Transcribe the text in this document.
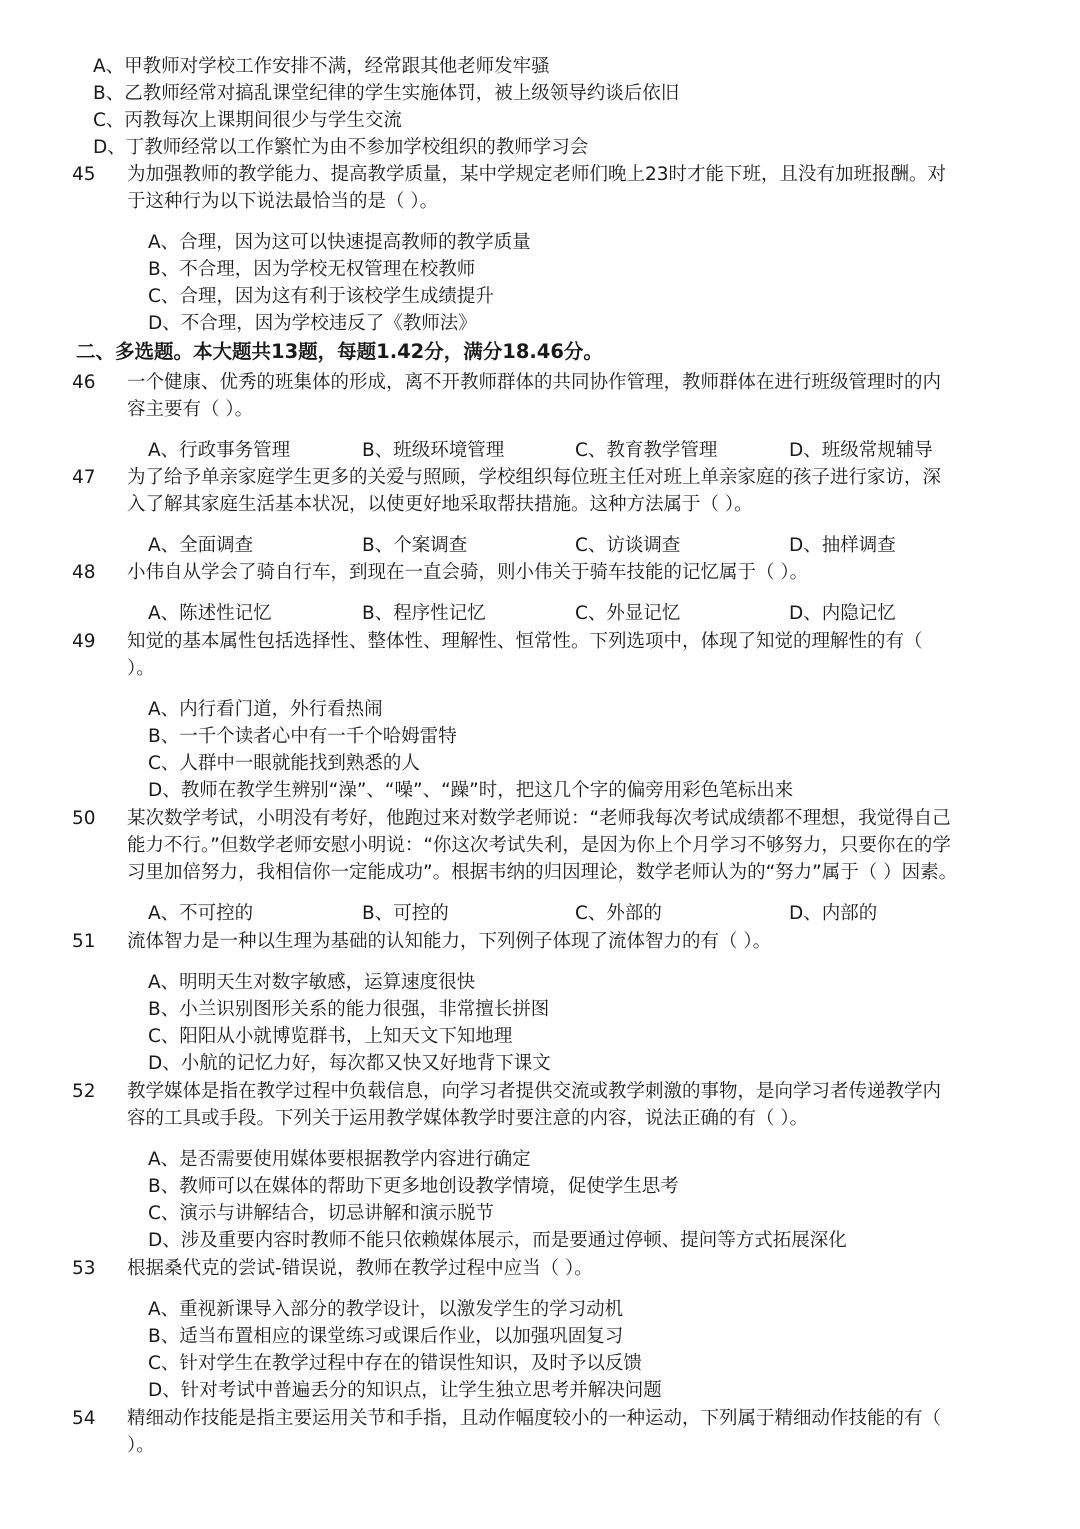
A、甲教师对学校工作安排不满，经常跟其他老师发牢骚
B、乙教师经常对搞乱课堂纪律的学生实施体罚，被上级领导约谈后依旧
C、丙教每次上课期间很少与学生交流
D、丁教师经常以工作繁忙为由不参加学校组织的教师学习会
45	为加强教师的教学能力、提高教学质量，某中学规定老师们晚上23时才能下班，且没有加班报酬。对
于这种行为以下说法最恰当的是（ ）。
A、合理，因为这可以快速提高教师的教学质量
B、不合理，因为学校无权管理在校教师
C、合理，因为这有利于该校学生成绩提升
D、不合理，因为学校违反了《教师法》
二、多选题。本大题共13题，每题1.42分，满分18.46分。
46	一个健康、优秀的班集体的形成，离不开教师群体的共同协作管理，教师群体在进行班级管理时的内
容主要有（ ）。
A、行政事务管理	B、班级环境管理	C、教育教学管理	D、班级常规辅导
47	为了给予单亲家庭学生更多的关爱与照顾，学校组织每位班主任对班上单亲家庭的孩子进行家访，深
入了解其家庭生活基本状况，以使更好地采取帮扶措施。这种方法属于（ ）。
A、全面调查	B、个案调查	C、访谈调查	D、抽样调查
48	小伟自从学会了骑自行车，到现在一直会骑，则小伟关于骑车技能的记忆属于（ ）。
A、陈述性记忆	B、程序性记忆	C、外显记忆	D、内隐记忆
49	知觉的基本属性包括选择性、整体性、理解性、恒常性。下列选项中，体现了知觉的理解性的有（
）。
A、内行看门道，外行看热闹
B、一千个读者心中有一千个哈姆雷特
C、人群中一眼就能找到熟悉的人
D、教师在教学生辨别“澡”、“噪”、“躁”时，把这几个字的偏旁用彩色笔标出来
50	某次数学考试，小明没有考好，他跑过来对数学老师说：“老师我每次考试成绩都不理想，我觉得自己
能力不行。”但数学老师安慰小明说：“你这次考试失利，是因为你上个月学习不够努力，只要你在的学
习里加倍努力，我相信你一定能成功”。根据韦纳的归因理论，数学老师认为的“努力”属于（ ）因素。
A、不可控的	B、可控的	C、外部的	D、内部的
51	流体智力是一种以生理为基础的认知能力，下列例子体现了流体智力的有（ ）。
A、明明天生对数字敏感，运算速度很快
B、小兰识别图形关系的能力很强，非常擅长拼图
C、阳阳从小就博览群书，上知天文下知地理
D、小航的记忆力好，每次都又快又好地背下课文
52	教学媒体是指在教学过程中负载信息，向学习者提供交流或教学刺激的事物，是向学习者传递教学内
容的工具或手段。下列关于运用教学媒体教学时要注意的内容，说法正确的有（ ）。
A、是否需要使用媒体要根据教学内容进行确定
B、教师可以在媒体的帮助下更多地创设教学情境，促使学生思考
C、演示与讲解结合，切忌讲解和演示脱节
D、涉及重要内容时教师不能只依赖媒体展示，而是要通过停顿、提问等方式拓展深化
53	根据桑代克的尝试-错误说，教师在教学过程中应当（ ）。
A、重视新课导入部分的教学设计，以激发学生的学习动机
B、适当布置相应的课堂练习或课后作业，以加强巩固复习
C、针对学生在教学过程中存在的错误性知识，及时予以反馈
D、针对考试中普遍丢分的知识点，让学生独立思考并解决问题
54	精细动作技能是指主要运用关节和手指，且动作幅度较小的一种运动，下列属于精细动作技能的有（
）。
